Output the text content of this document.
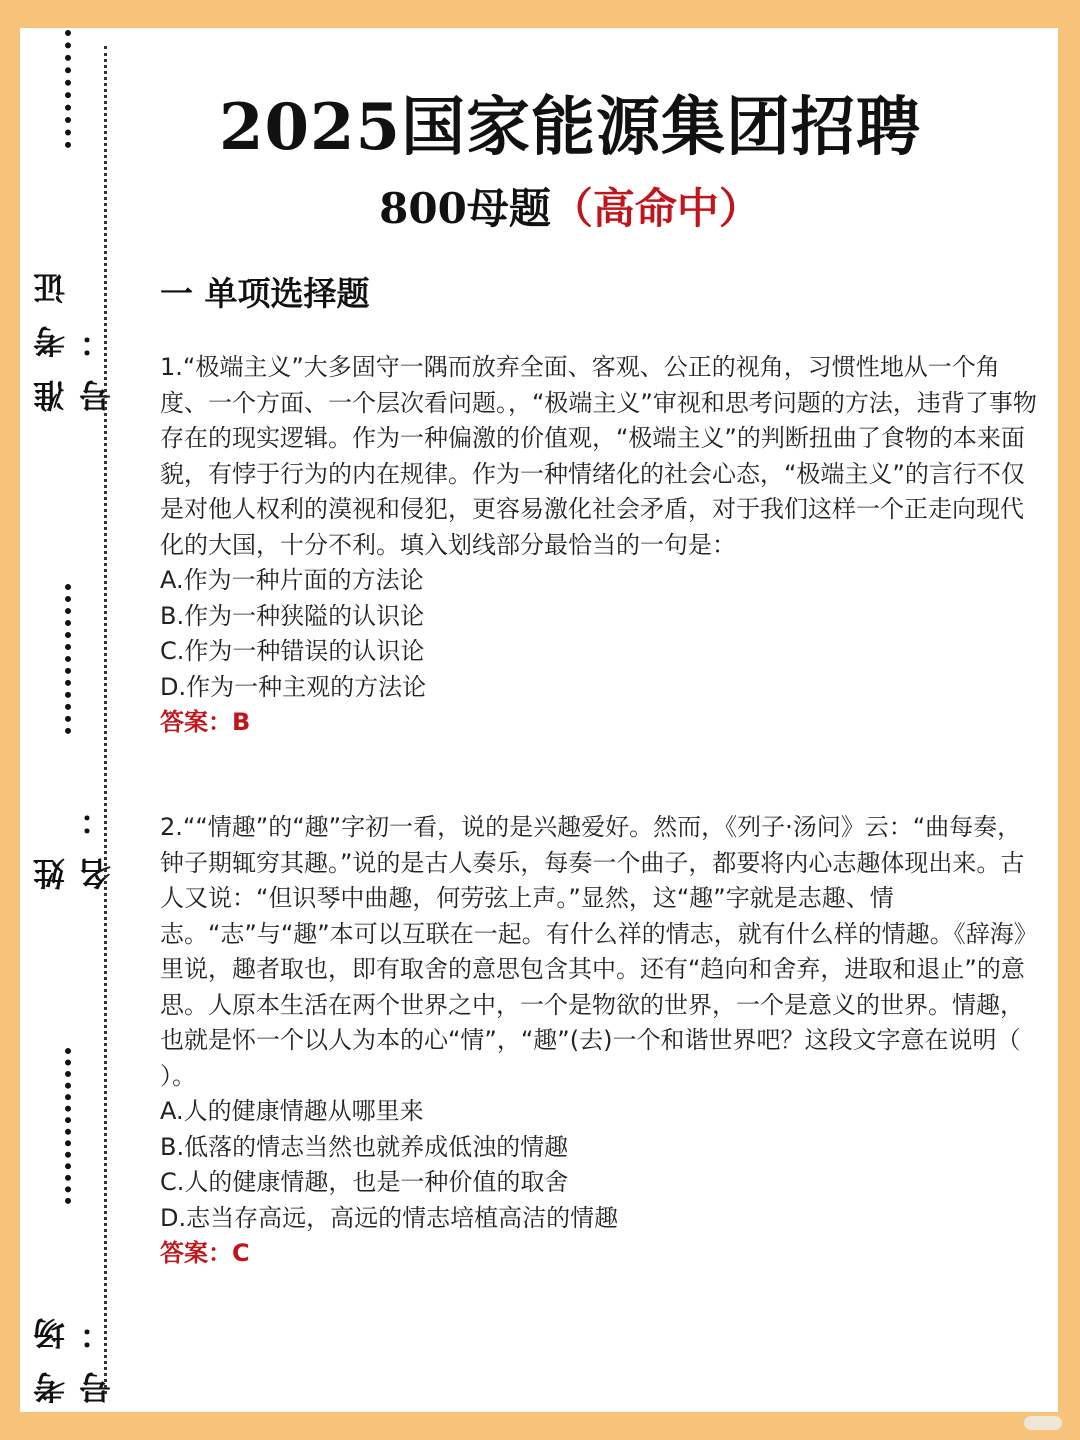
准考证号：
姓 名：
考场号：
2025国家能源集团招聘
800母题（高命中）
一 单项选择题

1.“极端主义”大多固守一隅而放弃全面、客观、公正的视角，习惯性地从一个角度、一个方面、一个层次看问题。，“极端主义”审视和思考问题的方法，违背了事物存在的现实逻辑。作为一种偏激的价值观，“极端主义”的判断扭曲了食物的本来面貌，有悖于行为的内在规律。作为一种情绪化的社会心态，“极端主义”的言行不仅是对他人权利的漠视和侵犯，更容易激化社会矛盾，对于我们这样一个正走向现代化的大国，十分不利。填入划线部分最恰当的一句是：

A.作为一种片面的方法论

B.作为一种狭隘的认识论

C.作为一种错误的认识论

D.作为一种主观的方法论

答案：B

2.““情趣”的“趣”字初一看，说的是兴趣爱好。然而，《列子·汤问》云：“曲每奏，钟子期辄穷其趣。”说的是古人奏乐，每奏一个曲子，都要将内心志趣体现出来。古人又说：“但识琴中曲趣，何劳弦上声。”显然，这“趣”字就是志趣、情志。“志”与“趣”本可以互联在一起。有什么祥的情志，就有什么样的情趣。《辞海》里说，趣者取也，即有取舍的意思包含其中。还有“趋向和舍弃，进取和退止”的意思。人原本生活在两个世界之中，一个是物欲的世界，一个是意义的世界。情趣，也就是怀一个以人为本的心“情”，“趣”(去)一个和谐世界吧？这段文字意在说明（ ）。

A.人的健康情趣从哪里来

B.低落的情志当然也就养成低浊的情趣

C.人的健康情趣，也是一种价值的取舍

D.志当存高远，高远的情志培植高洁的情趣

答案：C
